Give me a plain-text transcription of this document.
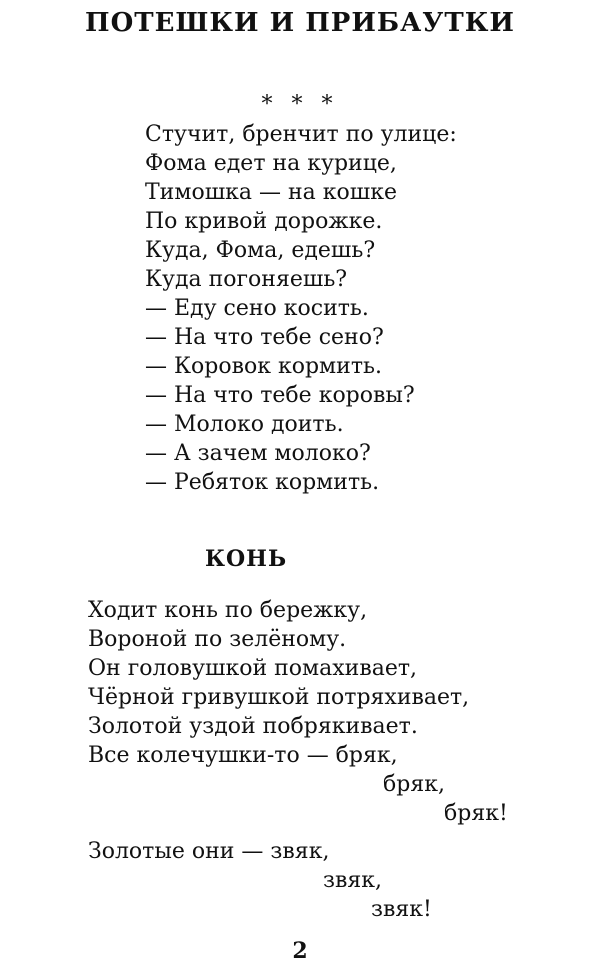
ПОТЕШКИ И ПРИБАУТКИ
* * *
Стучит, бренчит по улице:
Фома едет на курице,
Тимошка — на кошке
По кривой дорожке.
Куда, Фома, едешь?
Куда погоняешь?
— Еду сено косить.
— На что тебе сено?
— Коровок кормить.
— На что тебе коровы?
— Молоко доить.
— А зачем молоко?
— Ребяток кормить.
КОНЬ
Ходит конь по бережку,
Вороной по зелёному.
Он головушкой помахивает,
Чёрной гривушкой потряхивает,
Золотой уздой побрякивает.
Все колечушки-то — бряк,
бряк,
бряк!
Золотые они — звяк,
звяк,
звяк!
2
